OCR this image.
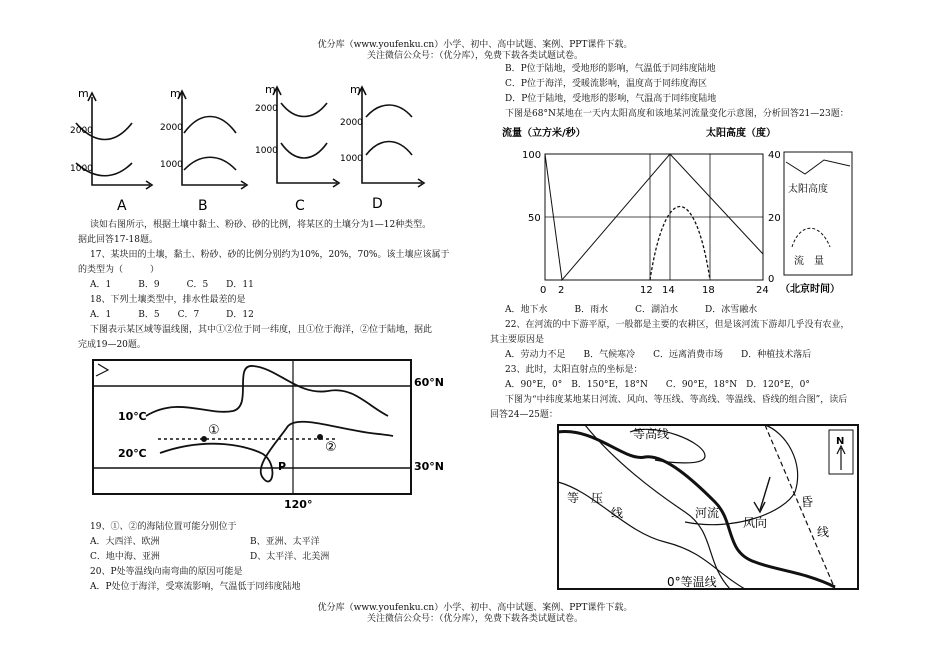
优分库（www.youfenku.cn）小学、初中、高中试题、案例、PPT课件下载。
关注微信公众号：（优分库），免费下载各类试题试卷。
m
2000
1000
A
m
2000
1000
B
m
2000
1000
C
m
2000
1000
D
读如右图所示，根据土壤中黏土、粉砂、砂的比例，将某区的土壤分为1—12种类型。
据此回答17-18题。
17、某块田的土壤，黏土、粉砂、砂的比例分别约为10%，20%，70%。该土壤应该属于
的类型为（　　　）
A．1　　　B．9　　　C．5　　D．11
18、下列土壤类型中，排水性最差的是
A．1　　　B．5　　C．7　　　D．12
下图表示某区域等温线图，其中①②位于同一纬度，且①位于海洋，②位于陆地，据此
完成19—20题。
①
②
60°N
30°N
10℃
20℃
P
120°
19、①、②的海陆位置可能分别位于
A．大西洋、欧洲	B、亚洲、太平洋
C．地中海、亚洲	D、太平洋、北美洲
20、P处等温线向南弯曲的原因可能是
A．P处位于海洋，受寒流影响，气温低于同纬度陆地
B．P位于陆地，受地形的影响，气温低于同纬度陆地
C．P位于海洋，受暖流影响，温度高于同纬度海区
D．P位于陆地，受地形的影响，气温高于同纬度陆地
下图是68°N某地在一天内太阳高度和该地某河流量变化示意图，分析回答21—23题：
流量（立方米/秒）	太阳高度（度）
100
50
0
40
20
0
2	12 14	18	24
太阳高度
流　量
（北京时间）
A．地下水　　　B．雨水　　　C．湖泊水　　　D．冰雪融水
22、在河流的中下游平原，一般都是主要的农耕区，但是该河流下游却几乎没有农业，
其主要原因是
A．劳动力不足　　B．气候寒冷　　C．远离消费市场　　D．种植技术落后
23、此时，太阳直射点的坐标是：
A．90°E，0°　B．150°E，18°N　　C．90°E，18°N　D．120°E，0°
下图为“中纬度某地某日河流、风向、等压线、等高线、等温线、昏线的组合图”，读后
回答24—25题：
N
等高线
等 压
线	河流
风向
昏
线
0°等温线
优分库（www.youfenku.cn）小学、初中、高中试题、案例、PPT课件下载。
关注微信公众号：（优分库），免费下载各类试题试卷。
